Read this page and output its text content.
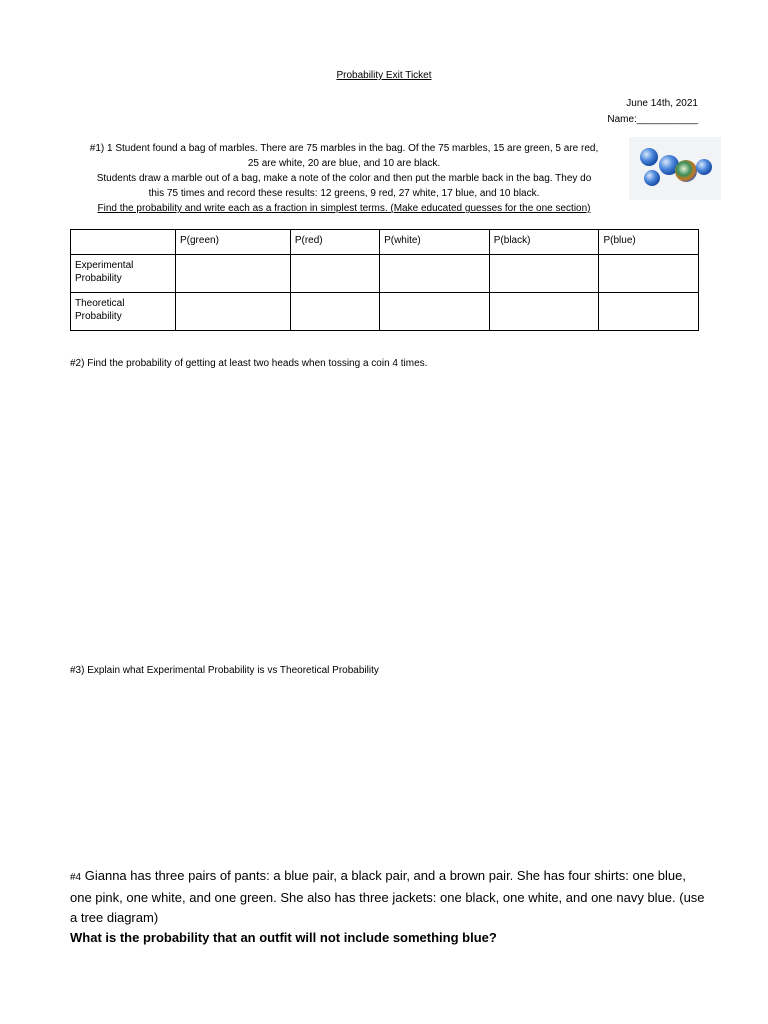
Probability Exit Ticket
June 14th, 2021
Name:___________
#1) 1 Student found a bag of marbles. There are 75 marbles in the bag. Of the 75 marbles, 15 are green, 5 are red,
25 are white, 20 are blue, and 10 are black.
Students draw a marble out of a bag, make a note of the color and then put the marble back in the bag. They do
this 75 times and record these results: 12 greens, 9 red, 27 white, 17 blue, and 10 black.
Find the probability and write each as a fraction in simplest terms. (Make educated guesses for the one section)
	P(green)	P(red)	P(white)	P(black)	P(blue)
Experimental Probability					
Theoretical Probability					
#2) Find the probability of getting at least two heads when tossing a coin 4 times.
#3) Explain what Experimental Probability is vs Theoretical Probability
#4 Gianna has three pairs of pants: a blue pair, a black pair, and a brown pair. She has four shirts: one blue, one pink, one white, and one green. She also has three jackets: one black, one white, and one navy blue. (use a tree diagram)
What is the probability that an outfit will not include something blue?
